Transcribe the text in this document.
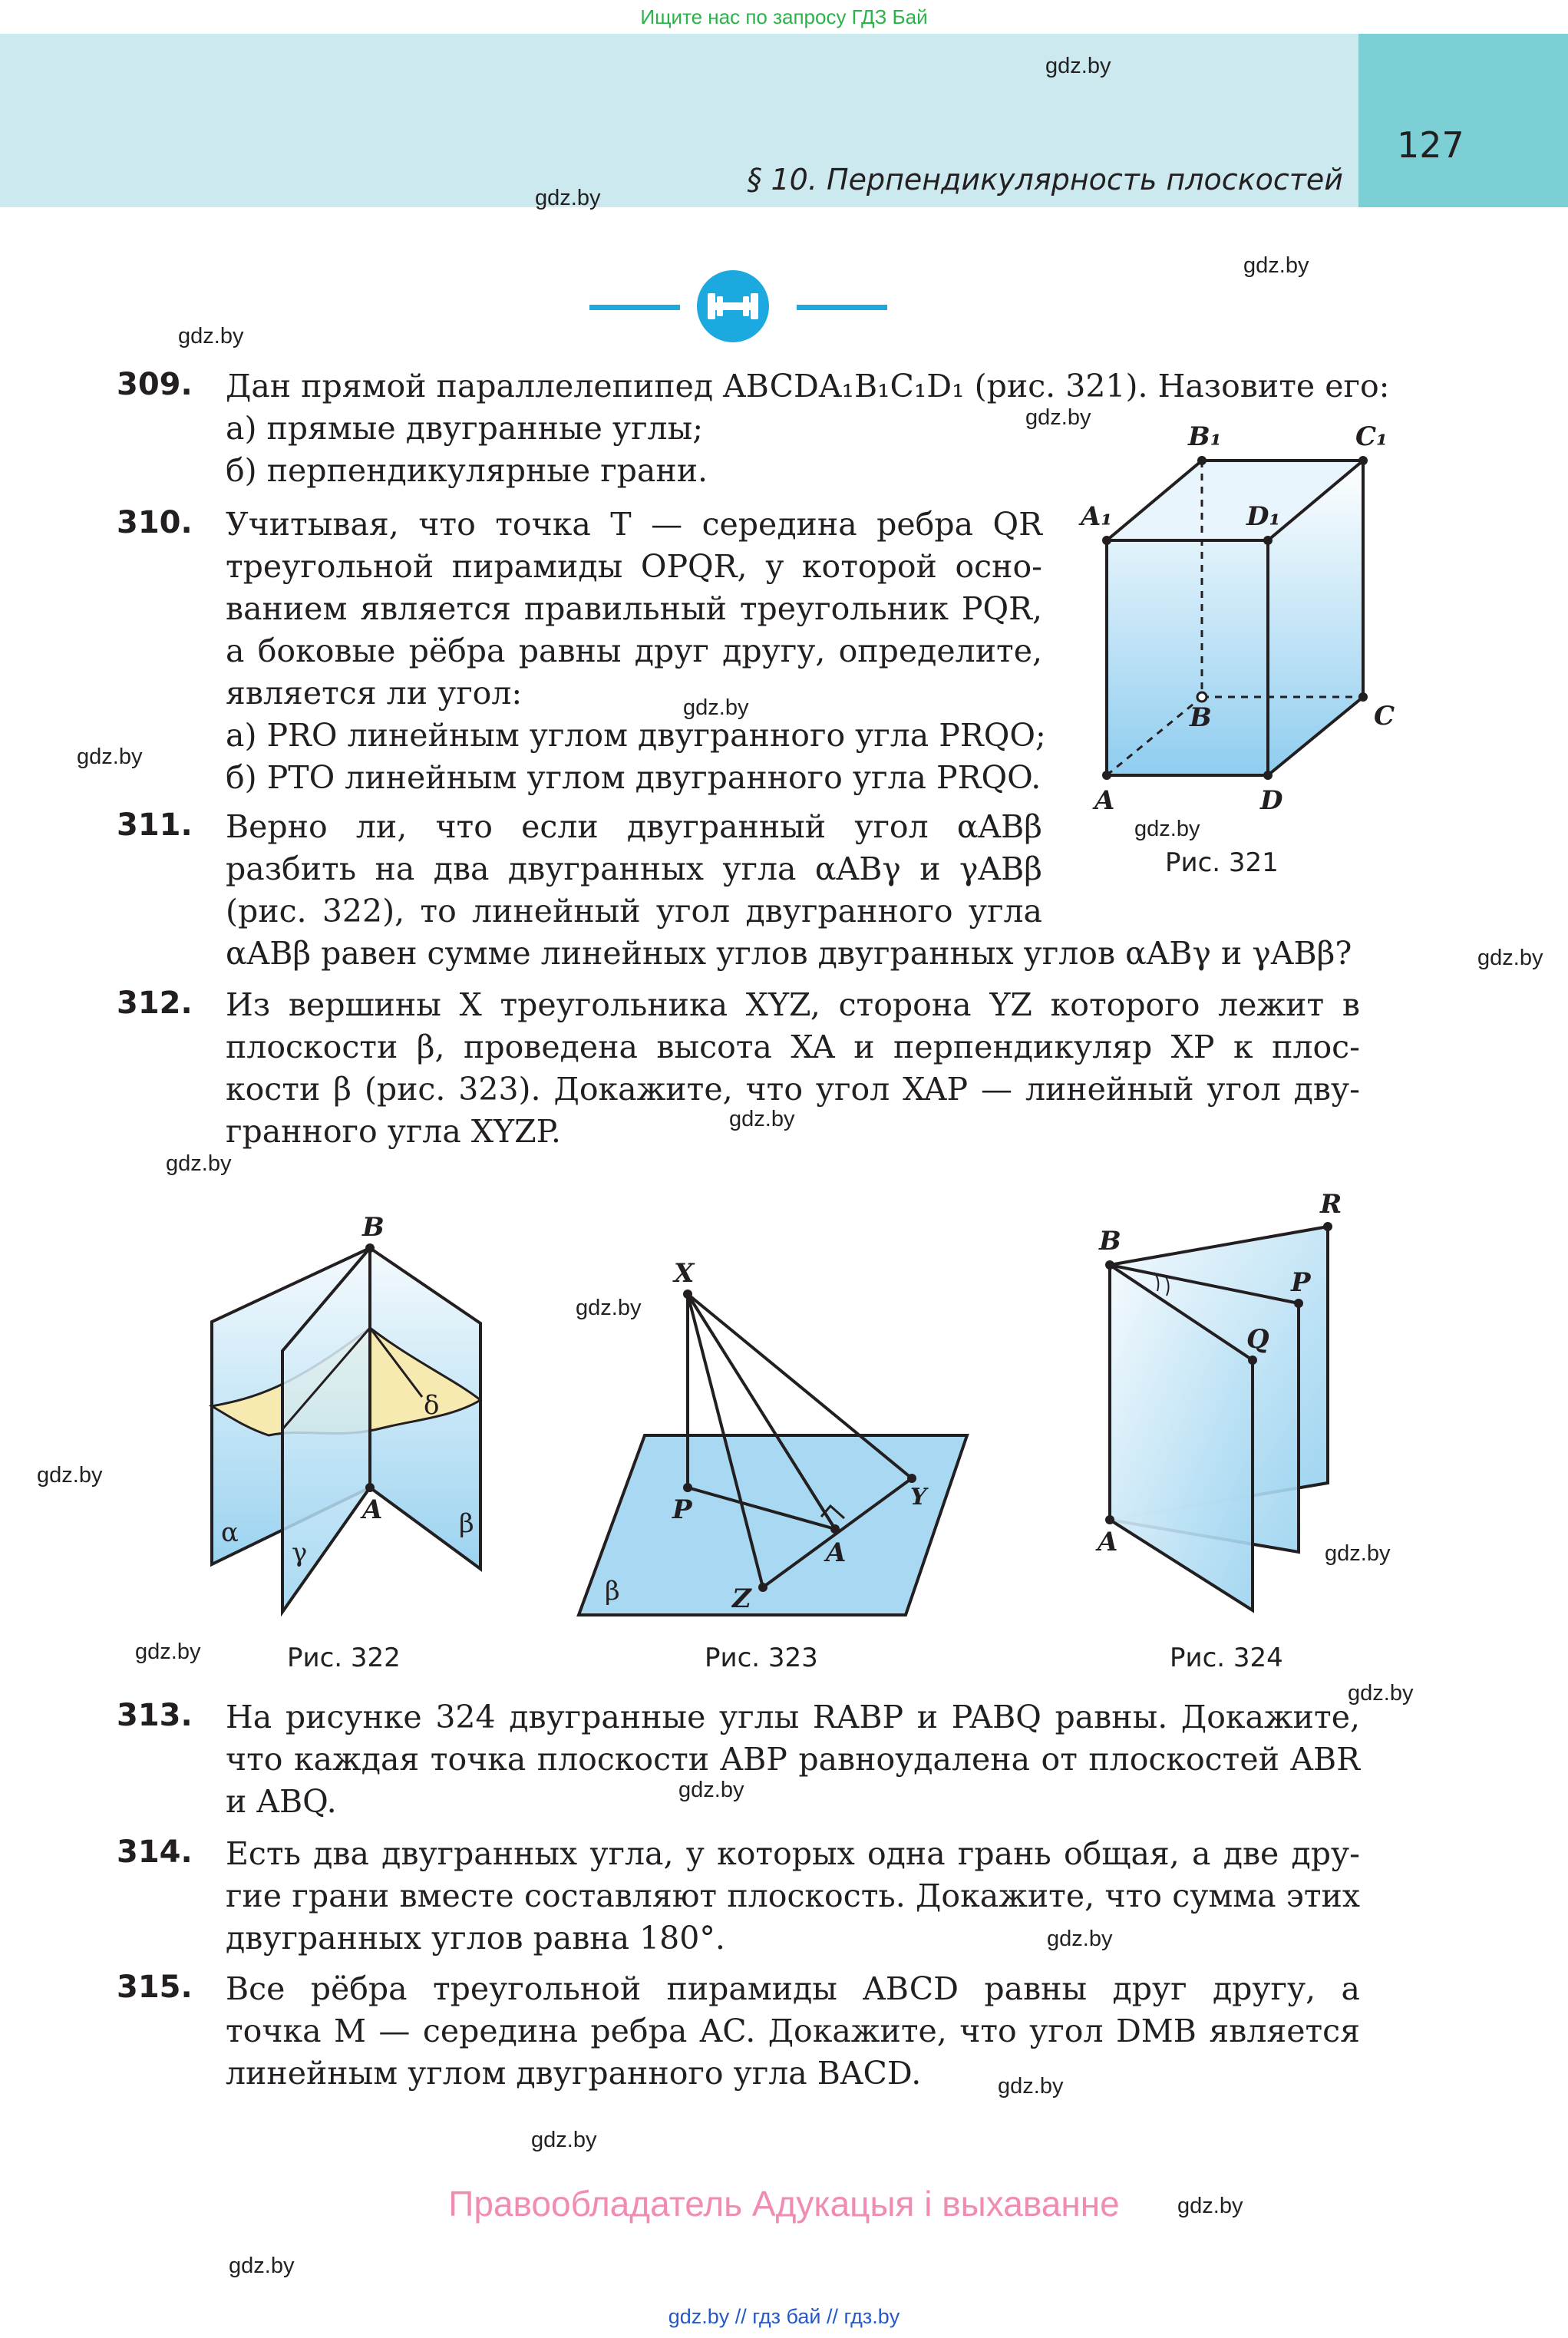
Ищите нас по запросу ГДЗ Бай
§ 10. Перпендикулярность плоскостей
127
gdz.by
gdz.by
gdz.by
gdz.by
gdz.by
gdz.by
gdz.by
gdz.by
gdz.by
gdz.by
gdz.by
gdz.by
gdz.by
gdz.by
gdz.by
gdz.by
gdz.by
gdz.by
gdz.by
gdz.by
gdz.by
gdz.by
309. Дан прямой параллелепипед ABCDA₁B₁C₁D₁ (рис. 321). Назовите его:
а) прямые двугранные углы;
б) перпендикулярные грани.
310. Учитывая, что точка T — середина ребра QR
треугольной пирамиды OPQR, у которой осно-
ванием является правильный треугольник PQR,
а боковые рёбра равны друг другу, определите,
является ли угол:
а) PRO линейным углом двугранного угла PRQO;
б) PTO линейным углом двугранного угла PRQO.
311. Верно ли, что если двугранный угол αABβ
разбить на два двугранных угла αABγ и γABβ
(рис. 322), то линейный угол двугранного угла
αABβ равен сумме линейных углов двугранных углов αABγ и γABβ?
312. Из вершины X треугольника XYZ, сторона YZ которого лежит в
плоскости β, проведена высота XA и перпендикуляр XP к плос-
кости β (рис. 323). Докажите, что угол XAP — линейный угол дву-
гранного угла XYZP.
313. На рисунке 324 двугранные углы RABP и PABQ равны. Докажите,
что каждая точка плоскости ABP равноудалена от плоскостей ABR
и ABQ.
314. Есть два двугранных угла, у которых одна грань общая, а две дру-
гие грани вместе составляют плоскость. Докажите, что сумма этих
двугранных углов равна 180°.
315. Все рёбра треугольной пирамиды ABCD равны друг другу, а
точка M — середина ребра AC. Докажите, что угол DMB является
линейным углом двугранного угла BACD.
A
B	C
D
A₁
B₁	C₁
D₁
Рис. 321
B
A
α	β
γ
δ
Рис. 322
X
P
A
Y
Z
β
Рис. 323
B
R
P
Q
A
Рис. 324
Правообладатель Адукацыя і выхаванне
gdz.by // гдз бай // гдз.by
